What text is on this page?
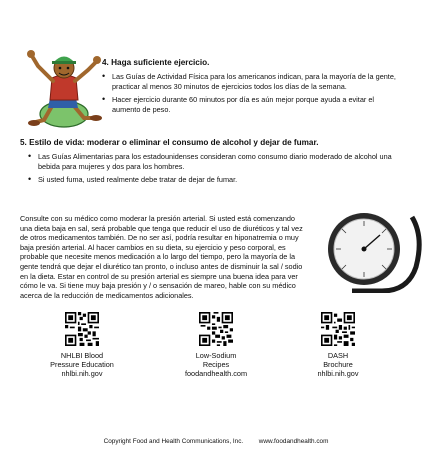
4. Haga suficiente ejercicio.
• Las Guías de Actividad Física para los americanos indican, para la mayoría de la gente, practicar al menos 30 minutos de ejercicios todos los días de la semana.
• Hacer ejercicio durante 60 minutos por día es aún mejor porque ayuda a evitar el aumento de peso.
5. Estilo de vida: moderar o eliminar el consumo de alcohol y dejar de fumar.
• Las Guías Alimentarias para los estadounidenses consideran como consumo diario moderado de alcohol una bebida para mujeres y dos para los hombres.
• Si usted fuma, usted realmente debe tratar de dejar de fumar.
Consulte con su médico como moderar la presión arterial. Si usted está comenzando una dieta baja en sal, será probable que tenga que reducir el uso de diuréticos y tal vez de otros medicamentos también. De no ser así, podría resultar en hiponatremia o muy baja presión arterial. Al hacer cambios en su dieta, su ejercicio y peso corporal, es probable que necesite menos medicación a lo largo del tiempo, pero la mayoría de la gente tendrá que dejar el diurético tan pronto, o incluso antes de disminuir la sal / sodio en la dieta. Estar en control de su presión arterial es siempre una buena idea para ver cómo le va. Si tiene muy baja presión y / o sensación de mareo, hable con su médico acerca de la reducción de medicamentos adicionales.
NHLBI Blood
Pressure Education
nhlbi.nih.gov
Low-Sodium
Recipes
foodandhealth.com
DASH
Brochure
nhlbi.nih.gov
Copyright Food and Health Communications, Inc. www.foodandhealth.com
